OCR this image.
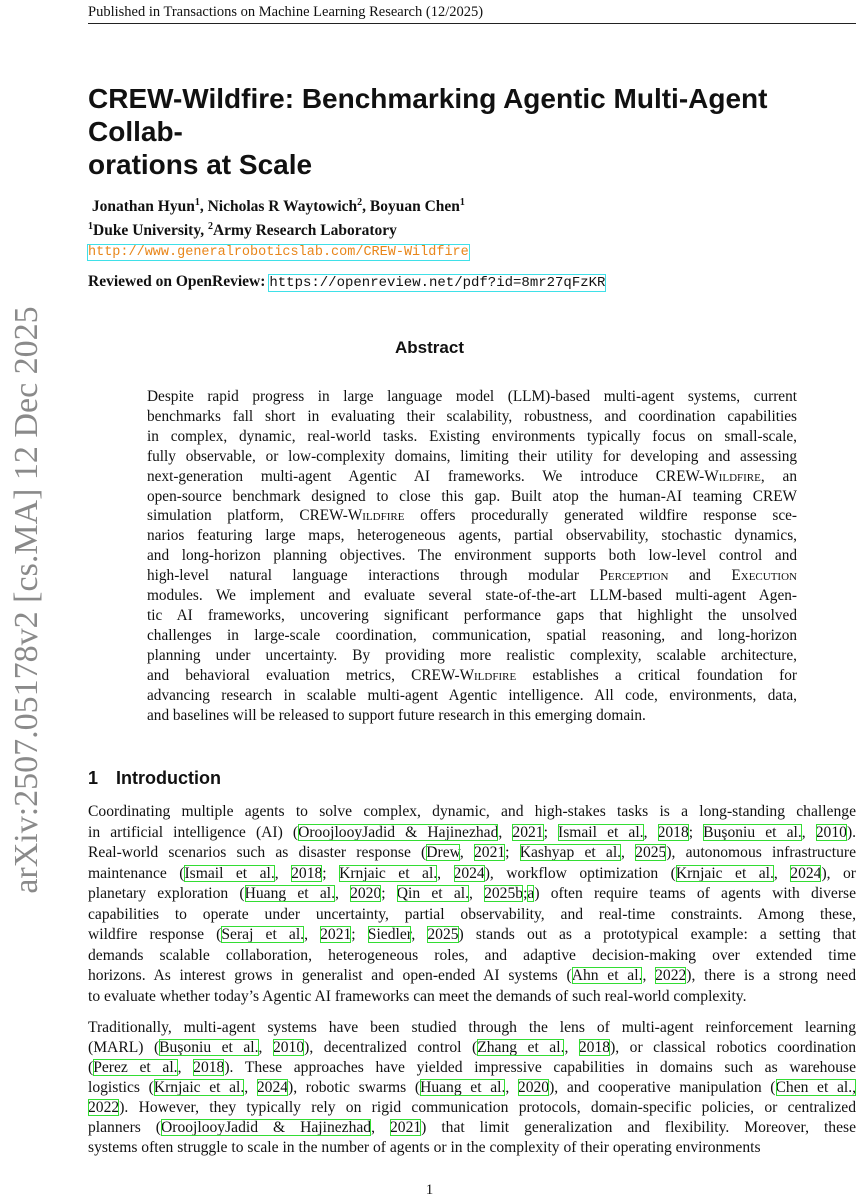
Published in Transactions on Machine Learning Research (12/2025)
arXiv:2507.05178v2 [cs.MA] 12 Dec 2025
CREW-Wildfire: Benchmarking Agentic Multi-Agent Collab-
orations at Scale
Jonathan Hyun$^1$, Nicholas R Waytowich$^2$, Boyuan Chen$^1$
$^1$Duke University, $^2$Army Research Laboratory
http://www.generalroboticslab.com/CREW-Wildfire
Reviewed on OpenReview: https://openreview.net/pdf?id=8mr27qFzKR
Abstract
Despite rapid progress in large language model (LLM)-based multi-agent systems, current
benchmarks fall short in evaluating their scalability, robustness, and coordination capabilities
in complex, dynamic, real-world tasks. Existing environments typically focus on small-scale,
fully observable, or low-complexity domains, limiting their utility for developing and assessing
next-generation multi-agent Agentic AI frameworks. We introduce CREW-Wildfire, an
open-source benchmark designed to close this gap. Built atop the human-AI teaming CREW
simulation platform, CREW-Wildfire offers procedurally generated wildfire response sce-
narios featuring large maps, heterogeneous agents, partial observability, stochastic dynamics,
and long-horizon planning objectives. The environment supports both low-level control and
high-level natural language interactions through modular Perception and Execution
modules. We implement and evaluate several state-of-the-art LLM-based multi-agent Agen-
tic AI frameworks, uncovering significant performance gaps that highlight the unsolved
challenges in large-scale coordination, communication, spatial reasoning, and long-horizon
planning under uncertainty. By providing more realistic complexity, scalable architecture,
and behavioral evaluation metrics, CREW-Wildfire establishes a critical foundation for
advancing research in scalable multi-agent Agentic intelligence. All code, environments, data,
and baselines will be released to support future research in this emerging domain.
1 Introduction
Coordinating multiple agents to solve complex, dynamic, and high-stakes tasks is a long-standing challenge
in artificial intelligence (AI) (OroojlooyJadid & Hajinezhad, 2021; Ismail et al., 2018; Buşoniu et al., 2010).
Real-world scenarios such as disaster response (Drew, 2021; Kashyap et al., 2025), autonomous infrastructure
maintenance (Ismail et al., 2018; Krnjaic et al., 2024), workflow optimization (Krnjaic et al., 2024), or
planetary exploration (Huang et al., 2020; Qin et al., 2025b;a) often require teams of agents with diverse
capabilities to operate under uncertainty, partial observability, and real-time constraints. Among these,
wildfire response (Seraj et al., 2021; Siedler, 2025) stands out as a prototypical example: a setting that
demands scalable collaboration, heterogeneous roles, and adaptive decision-making over extended time
horizons. As interest grows in generalist and open-ended AI systems (Ahn et al., 2022), there is a strong need
to evaluate whether today’s Agentic AI frameworks can meet the demands of such real-world complexity.
Traditionally, multi-agent systems have been studied through the lens of multi-agent reinforcement learning
(MARL) (Buşoniu et al., 2010), decentralized control (Zhang et al., 2018), or classical robotics coordination
(Perez et al., 2018). These approaches have yielded impressive capabilities in domains such as warehouse
logistics (Krnjaic et al., 2024), robotic swarms (Huang et al., 2020), and cooperative manipulation (Chen et al.,
2022). However, they typically rely on rigid communication protocols, domain-specific policies, or centralized
planners (OroojlooyJadid & Hajinezhad, 2021) that limit generalization and flexibility. Moreover, these
systems often struggle to scale in the number of agents or in the complexity of their operating environments
1
